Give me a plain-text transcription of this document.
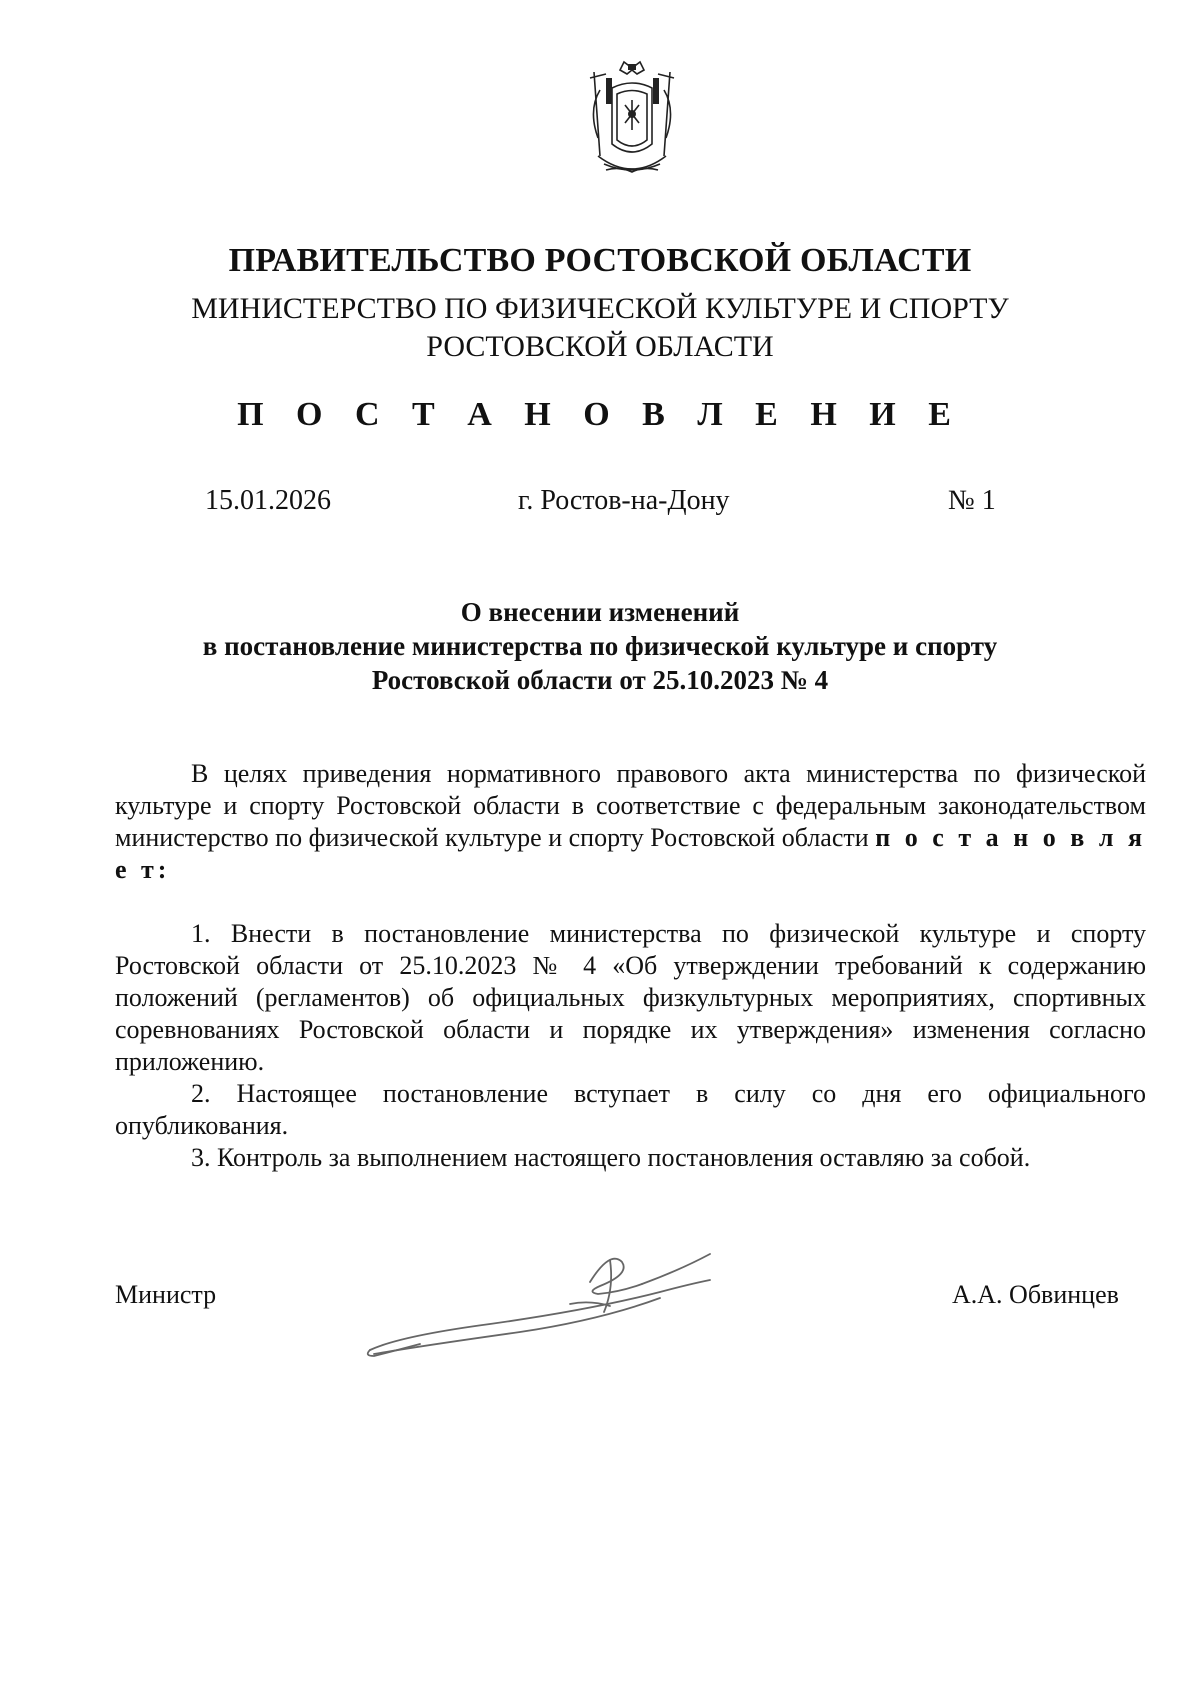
ПРАВИТЕЛЬСТВО РОСТОВСКОЙ ОБЛАСТИ
МИНИСТЕРСТВО ПО ФИЗИЧЕСКОЙ КУЛЬТУРЕ И СПОРТУ
РОСТОВСКОЙ ОБЛАСТИ
П О С Т А Н О В Л Е Н И Е
15.01.2026	г. Ростов-на-Дону	№ 1
О внесении изменений
в постановление министерства по физической культуре и спорту
Ростовской области от 25.10.2023 № 4

В целях приведения нормативного правового акта министерства по физической культуре и спорту Ростовской области в соответствие с федеральным законодательством министерство по физической культуре и спорту Ростовской области п о с т а н о в л я е т:

1. Внести в постановление министерства по физической культуре и спорту Ростовской области от 25.10.2023 № 4 «Об утверждении требований к содержанию положений (регламентов) об официальных физкультурных мероприятиях, спортивных соревнованиях Ростовской области и порядке их утверждения» изменения согласно приложению.

2. Настоящее постановление вступает в силу со дня его официального опубликования.

3. Контроль за выполнением настоящего постановления оставляю за собой.

Министр	А.А. Обвинцев
